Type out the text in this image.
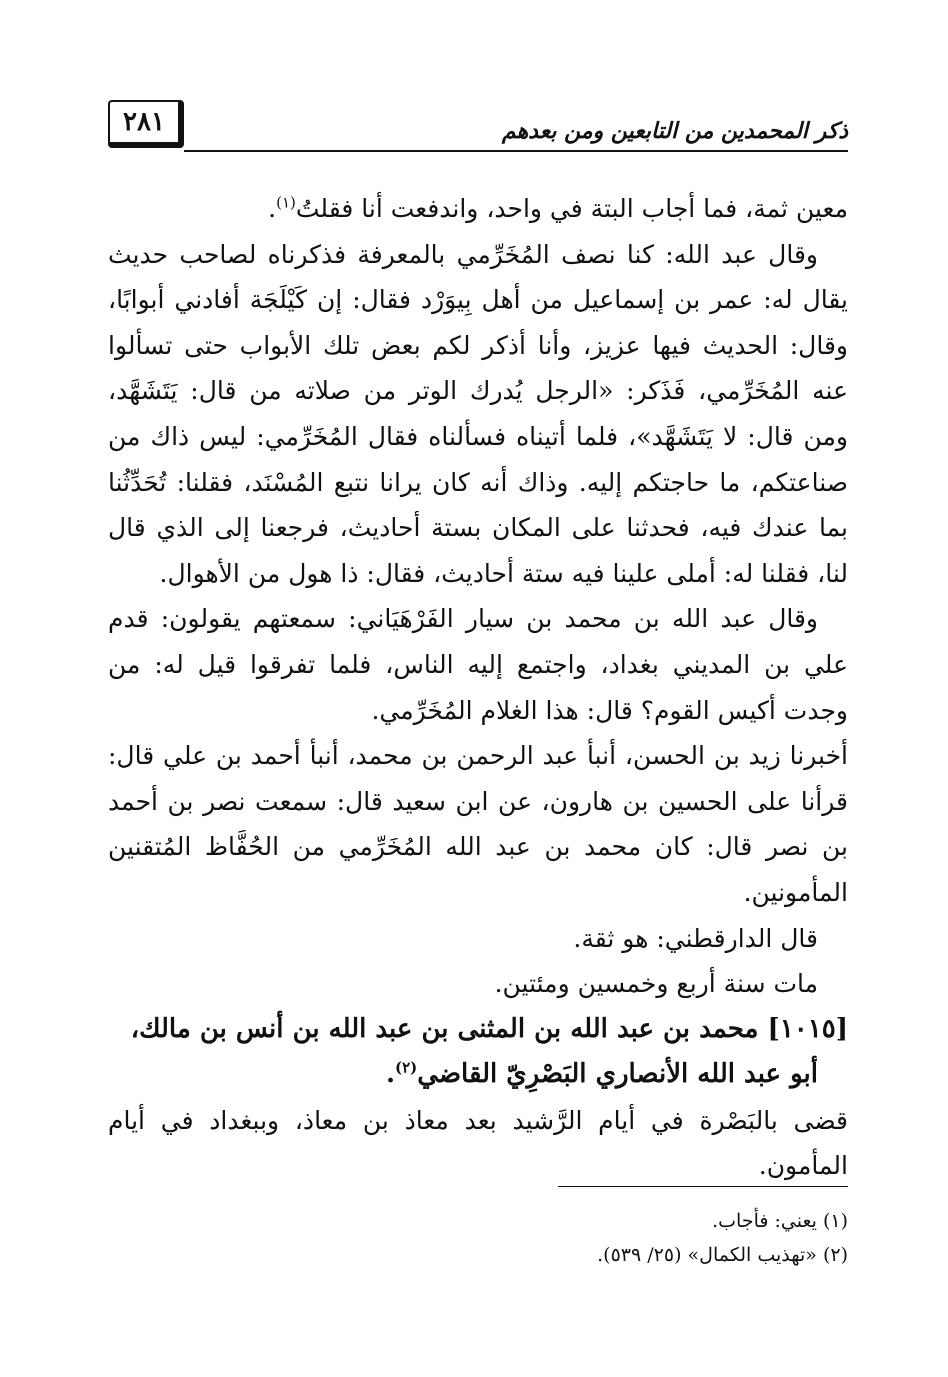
٢٨١	ذكر المحمدين من التابعين ومن بعدهم

معين ثمة، فما أجاب البتة في واحد، واندفعت أنا فقلتُ$^{(١)}$.

وقال عبد الله: كنا نصف المُخَرِّمي بالمعرفة فذكرناه لصاحب حديث يقال له: عمر بن إسماعيل من أهل بِيوَرْد فقال: إن كَيْلَجَة أفادني أبوابًا، وقال: الحديث فيها عزيز، وأنا أذكر لكم بعض تلك الأبواب حتى تسألوا عنه المُخَرِّمي، فَذَكر: «الرجل يُدرك الوتر من صلاته من قال: يَتَشَهَّد، ومن قال: لا يَتَشَهَّد»، فلما أتيناه فسألناه فقال المُخَرِّمي: ليس ذاك من صناعتكم، ما حاجتكم إليه. وذاك أنه كان يرانا نتبع المُسْنَد، فقلنا: تُحَدِّثُنا بما عندك فيه، فحدثنا على المكان بستة أحاديث، فرجعنا إلى الذي قال لنا، فقلنا له: أملى علينا فيه ستة أحاديث، فقال: ذا هول من الأهوال.

وقال عبد الله بن محمد بن سيار الفَرْهَيَاني: سمعتهم يقولون: قدم علي بن المديني بغداد، واجتمع إليه الناس، فلما تفرقوا قيل له: من وجدت أكيس القوم؟ قال: هذا الغلام المُخَرِّمي.

أخبرنا زيد بن الحسن، أنبأ عبد الرحمن بن محمد، أنبأ أحمد بن علي قال: قرأنا على الحسين بن هارون، عن ابن سعيد قال: سمعت نصر بن أحمد بن نصر قال: كان محمد بن عبد الله المُخَرِّمي من الحُفَّاظ المُتقنين المأمونين.

قال الدارقطني: هو ثقة.

مات سنة أربع وخمسين ومئتين.

[١٠١٥] محمد بن عبد الله بن المثنى بن عبد الله بن أنس بن مالك،
أبو عبد الله الأنصاري البَصْرِيّ القاضي$^{(٢)}$.

قضى بالبَصْرة في أيام الرَّشيد بعد معاذ بن معاذ، وببغداد في أيام المأمون.

(١) يعني: فأجاب.

(٢) «تهذيب الكمال» (٢٥/ ٥٣٩).
